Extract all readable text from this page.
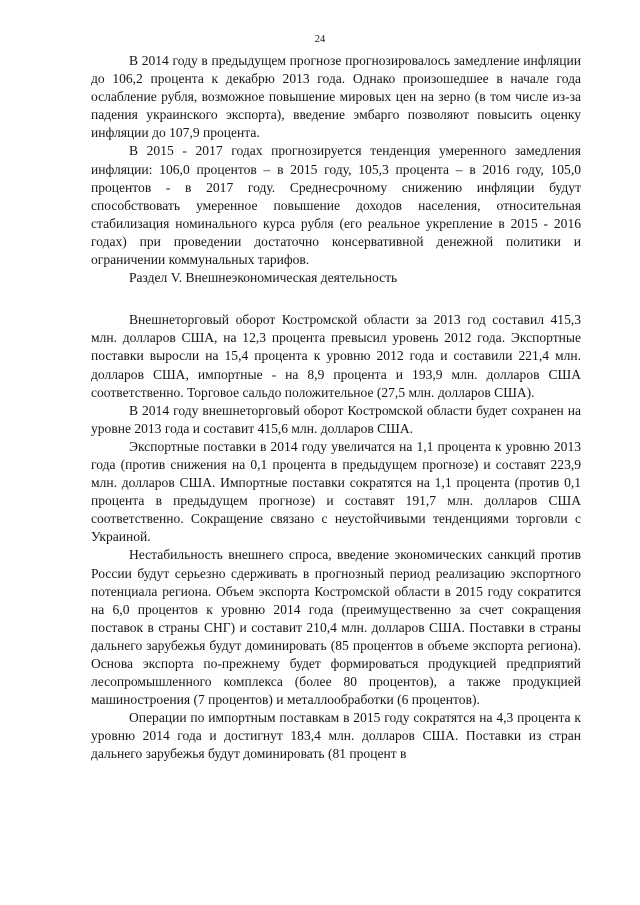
24

В 2014 году в предыдущем прогнозе прогнозировалось замедление инфляции до 106,2 процента к декабрю 2013 года. Однако произошедшее в начале года ослабление рубля, возможное повышение мировых цен на зерно (в том числе из-за падения украинского экспорта), введение эмбарго позволяют повысить оценку инфляции до 107,9 процента.

В 2015 - 2017 годах прогнозируется тенденция умеренного замедления инфляции: 106,0 процентов – в 2015 году, 105,3 процента – в 2016 году, 105,0 процентов - в 2017 году. Среднесрочному снижению инфляции будут способствовать умеренное повышение доходов населения, относительная стабилизация номинального курса рубля (его реальное укрепление в 2015 - 2016 годах) при проведении достаточно консервативной денежной политики и ограничении коммунальных тарифов.

Раздел V. Внешнеэкономическая деятельность

Внешнеторговый оборот Костромской области за 2013 год составил 415,3 млн. долларов США, на 12,3 процента превысил уровень 2012 года. Экспортные поставки выросли на 15,4 процента к уровню 2012 года и составили 221,4 млн. долларов США, импортные - на 8,9 процента и 193,9 млн. долларов США соответственно. Торговое сальдо положительное (27,5 млн. долларов США).

В 2014 году внешнеторговый оборот Костромской области будет сохранен на уровне 2013 года и составит 415,6 млн. долларов США.

Экспортные поставки в 2014 году увеличатся на 1,1 процента к уровню 2013 года (против снижения на 0,1 процента в предыдущем прогнозе) и составят 223,9 млн. долларов США. Импортные поставки сократятся на 1,1 процента (против 0,1 процента в предыдущем прогнозе) и составят 191,7 млн. долларов США соответственно. Сокращение связано с неустойчивыми тенденциями торговли с Украиной.

Нестабильность внешнего спроса, введение экономических санкций против России будут серьезно сдерживать в прогнозный период реализацию экспортного потенциала региона. Объем экспорта Костромской области в 2015 году сократится на 6,0 процентов к уровню 2014 года (преимущественно за счет сокращения поставок в страны СНГ) и составит 210,4 млн. долларов США. Поставки в страны дальнего зарубежья будут доминировать (85 процентов в объеме экспорта региона). Основа экспорта по-прежнему будет формироваться продукцией предприятий лесопромышленного комплекса (более 80 процентов), а также продукцией машиностроения (7 процентов) и металлообработки (6 процентов).

Операции по импортным поставкам в 2015 году сократятся на 4,3 процента к уровню 2014 года и достигнут 183,4 млн. долларов США. Поставки из стран дальнего зарубежья будут доминировать (81 процент в
